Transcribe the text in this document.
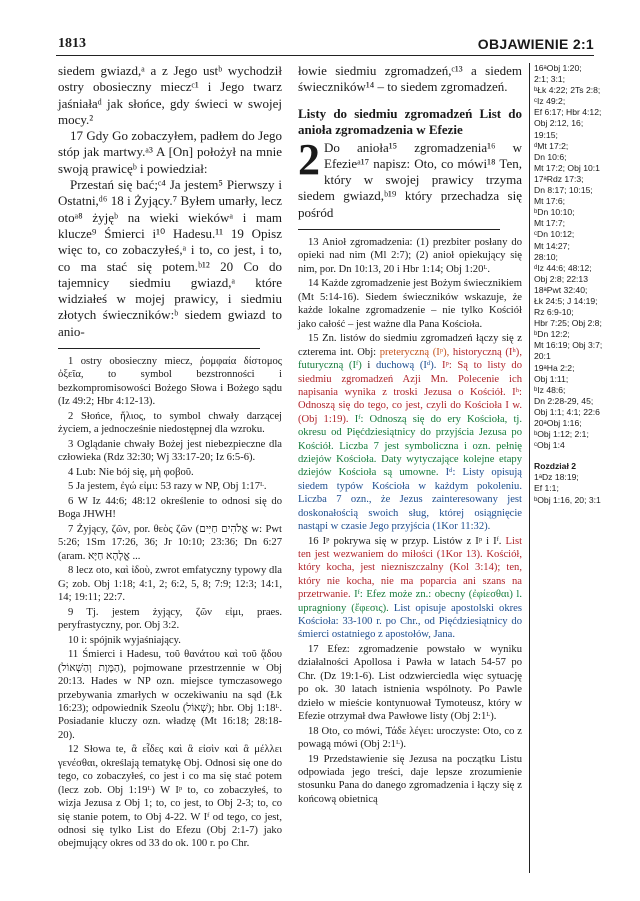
1813	OBJAWIENIE 2:1

siedem gwiazd,ᵃ a z Jego ustᵇ wychodził ostry obosieczny mieczᶜ¹ i Jego twarz jaśniałaᵈ jak słońce, gdy świeci w swojej mocy.²

17 Gdy Go zobaczyłem, padłem do Jego stóp jak martwy.ᵃ³ A [On] położył na mnie swoją prawicęᵇ i powiedział:

Przestań się bać;ᶜ⁴ Ja jestem⁵ Pierwszy i Ostatni,ᵈ⁶ 18 i Żyjący.⁷ Byłem umarły, lecz otoᵃ⁸ żyjęᵇ na wieki wiekówᵃ i mam klucze⁹ Śmierci i¹⁰ Hadesu.¹¹ 19 Opisz więc to, co zobaczyłeś,ᵃ i to, co jest, i to, co ma stać się potem.ᵇ¹² 20 Co do tajemnicy siedmiu gwiazd,ᵃ które widziałeś w mojej prawicy, i siedmiu złotych świeczników:ᵇ siedem gwiazd to anio-

1 ostry obosieczny miecz, ῥομφαία δίστομος ὀξεῖα, to symbol bezstronności i bezkompromisowości Bożego Słowa i Bożego sądu (Iz 49:2; Hbr 4:12-13).

2 Słońce, ἥλιος, to symbol chwały darzącej życiem, a jednocześnie niedostępnej dla wzroku.

3 Oglądanie chwały Bożej jest niebezpieczne dla człowieka (Rdz 32:30; Wj 33:17-20; Iz 6:5-6).

4 Lub: Nie bój się, μὴ φοβοῦ.

5 Ja jestem, ἐγώ εἰμι: 53 razy w NP, Obj 1:17ᴸ.

6 W Iz 44:6; 48:12 określenie to odnosi się do Boga JHWH!

7 Żyjący, ζῶν, por. θεὸς ζῶν (אֱלֹהִים חַיִּים w: Pwt 5:26; 1Sm 17:26, 36; Jr 10:10; 23:36; Dn 6:27 (aram. אֱלָהָא חַיָּא ...

8 lecz oto, καὶ ἰδοὺ, zwrot emfatyczny typowy dla G; zob. Obj 1:18; 4:1, 2; 6:2, 5, 8; 7:9; 12:3; 14:1, 14; 19:11; 22:7.

9 Tj. jestem żyjący, ζῶν εἰμι, praes. peryfrastyczny, por. Obj 3:2.

10 i: spójnik wyjaśniający.

11 Śmierci i Hadesu, τοῦ θανάτου καὶ τοῦ ᾅδου (הַמָּוֶת וְהַשְּׁאוֹל), pojmowane przestrzennie w Obj 20:13. Hades w NP ozn. miejsce tymczasowego przebywania zmarłych w oczekiwaniu na sąd (Łk 16:23); odpowiednik Szeolu (שְׁאוֹל); hbr. Obj 1:18ᴸ. Posiadanie kluczy ozn. władzę (Mt 16:18; 28:18-20).

12 Słowa te, ἃ εἶδες καὶ ἃ εἰσὶν καὶ ἃ μέλλει γενέσθαι, określają tematykę Obj. Odnosi się one do tego, co zobaczyłeś, co jest i co ma się stać potem (lecz zob. Obj 1:19ᴸ) W Iᵖ to, co zobaczyłeś, to wizja Jezusa z Obj 1; to, co jest, to Obj 2-3; to, co się stanie potem, to Obj 4-22. W Iᶠ od tego, co jest, odnosi się tylko List do Efezu (Obj 2:1-7) jako obejmujący okres od 33 do ok. 100 r. po Chr.

łowie siedmiu zgromadzeń,ᶜ¹³ a siedem świeczników¹⁴ – to siedem zgromadzeń.

Listy do siedmiu zgromadzeń List do anioła zgromadzenia w Efezie

2 Do anioła¹⁵ zgromadzenia¹⁶ w Efezieᵃ¹⁷ napisz: Oto, co mówi¹⁸ Ten, który w swojej prawicy trzyma siedem gwiazd,ᵇ¹⁹ który przechadza się pośród

13 Anioł zgromadzenia: (1) prezbiter posłany do opieki nad nim (Ml 2:7); (2) anioł opiekujący się nim, por. Dn 10:13, 20 i Hbr 1:14; Obj 1:20ᴸ.

14 Każde zgromadzenie jest Bożym świecznikiem (Mt 5:14-16). Siedem świeczników wskazuje, że każde lokalne zgromadzenie – nie tylko Kościół jako całość – jest ważne dla Pana Kościoła.

15 Zn. listów do siedmiu zgromadzeń łączy się z czterema int. Obj: preteryczną (Iᵖ), historyczną (Iʰ), futuryczną (Iᶠ) i duchową (Iᵈ). Iᵖ: Są to listy do siedmiu zgromadzeń Azji Mn. Polecenie ich napisania wynika z troski Jezusa o Kościół. Iʰ: Odnoszą się do tego, co jest, czyli do Kościoła I w. (Obj 1:19). Iᶠ: Odnoszą się do ery Kościoła, tj. okresu od Pięćdziesiątnicy do przyjścia Jezusa po Kościół. Liczba 7 jest symboliczna i ozn. pełnię dziejów Kościoła. Daty wytyczające kolejne etapy dziejów Kościoła są umowne. Iᵈ: Listy opisują siedem typów Kościoła w każdym pokoleniu. Liczba 7 ozn., że Jezus zainteresowany jest doskonałością swoich sług, której osiągnięcie nastąpi w czasie Jego przyjścia (1Kor 11:32).

16 Iᵖ pokrywa się w przyp. Listów z Iᵖ i Iᶠ. List ten jest wezwaniem do miłości (1Kor 13). Kościół, który kocha, jest niezniszczalny (Kol 3:14); ten, który nie kocha, nie ma poparcia ani szans na przetrwanie. Iᶠ: Efez może zn.: obecny (ἐφίεσθαι) l. upragniony (ἔφεσις). List opisuje apostolski okres Kościoła: 33-100 r. po Chr., od Pięćdziesiątnicy do śmierci ostatniego z apostołów, Jana.

17 Efez: zgromadzenie powstało w wyniku działalności Apollosa i Pawła w latach 54-57 po Chr. (Dz 19:1-6). List odzwierciedla więc sytuację po ok. 30 latach istnienia wspólnoty. Po Pawle dzieło w mieście kontynuował Tymoteusz, który w Efezie otrzymał dwa Pawłowe listy (Obj 2:1ᴸ).

18 Oto, co mówi, Τάδε λέγει: uroczyste: Oto, co z powagą mówi (Obj 2:1ᴸ).

19 Przedstawienie się Jezusa na początku Listu odpowiada jego treści, daje lepsze zrozumienie stosunku Pana do danego zgromadzenia i łączy się z końcową obietnicą

16ᵃObj 1:20;
2:1; 3:1;
ᵇŁk 4:22; 2Ts 2:8;
ᶜIz 49:2;
Ef 6:17; Hbr 4:12;
Obj 2:12, 16;
19:15;
ᵈMt 17:2;
Dn 10:6;
Mt 17:2; Obj 10:1
17ᵃRdz 17:3;
Dn 8:17; 10:15;
Mt 17:6;
ᵇDn 10:10;
Mt 17:7;
ᶜDn 10:12;
Mt 14:27;
28:10;
ᵈIz 44:6; 48:12;
Obj 2:8; 22:13
18ᵃPwt 32:40;
Łk 24:5; J 14:19;
Rz 6:9-10;
Hbr 7:25; Obj 2:8;
ᵇDn 12:2;
Mt 16:19; Obj 3:7;
20:1
19ᵃHa 2:2;
Obj 1:11;
ᵇIz 48:6;
Dn 2:28-29, 45;
Obj 1:1; 4:1; 22:6
20ᵃObj 1:16;
ᵇObj 1:12; 2:1;
ᶜObj 1:4
Rozdział 2
1ᵃDz 18:19;
Ef 1:1;
ᵇObj 1:16, 20; 3:1
